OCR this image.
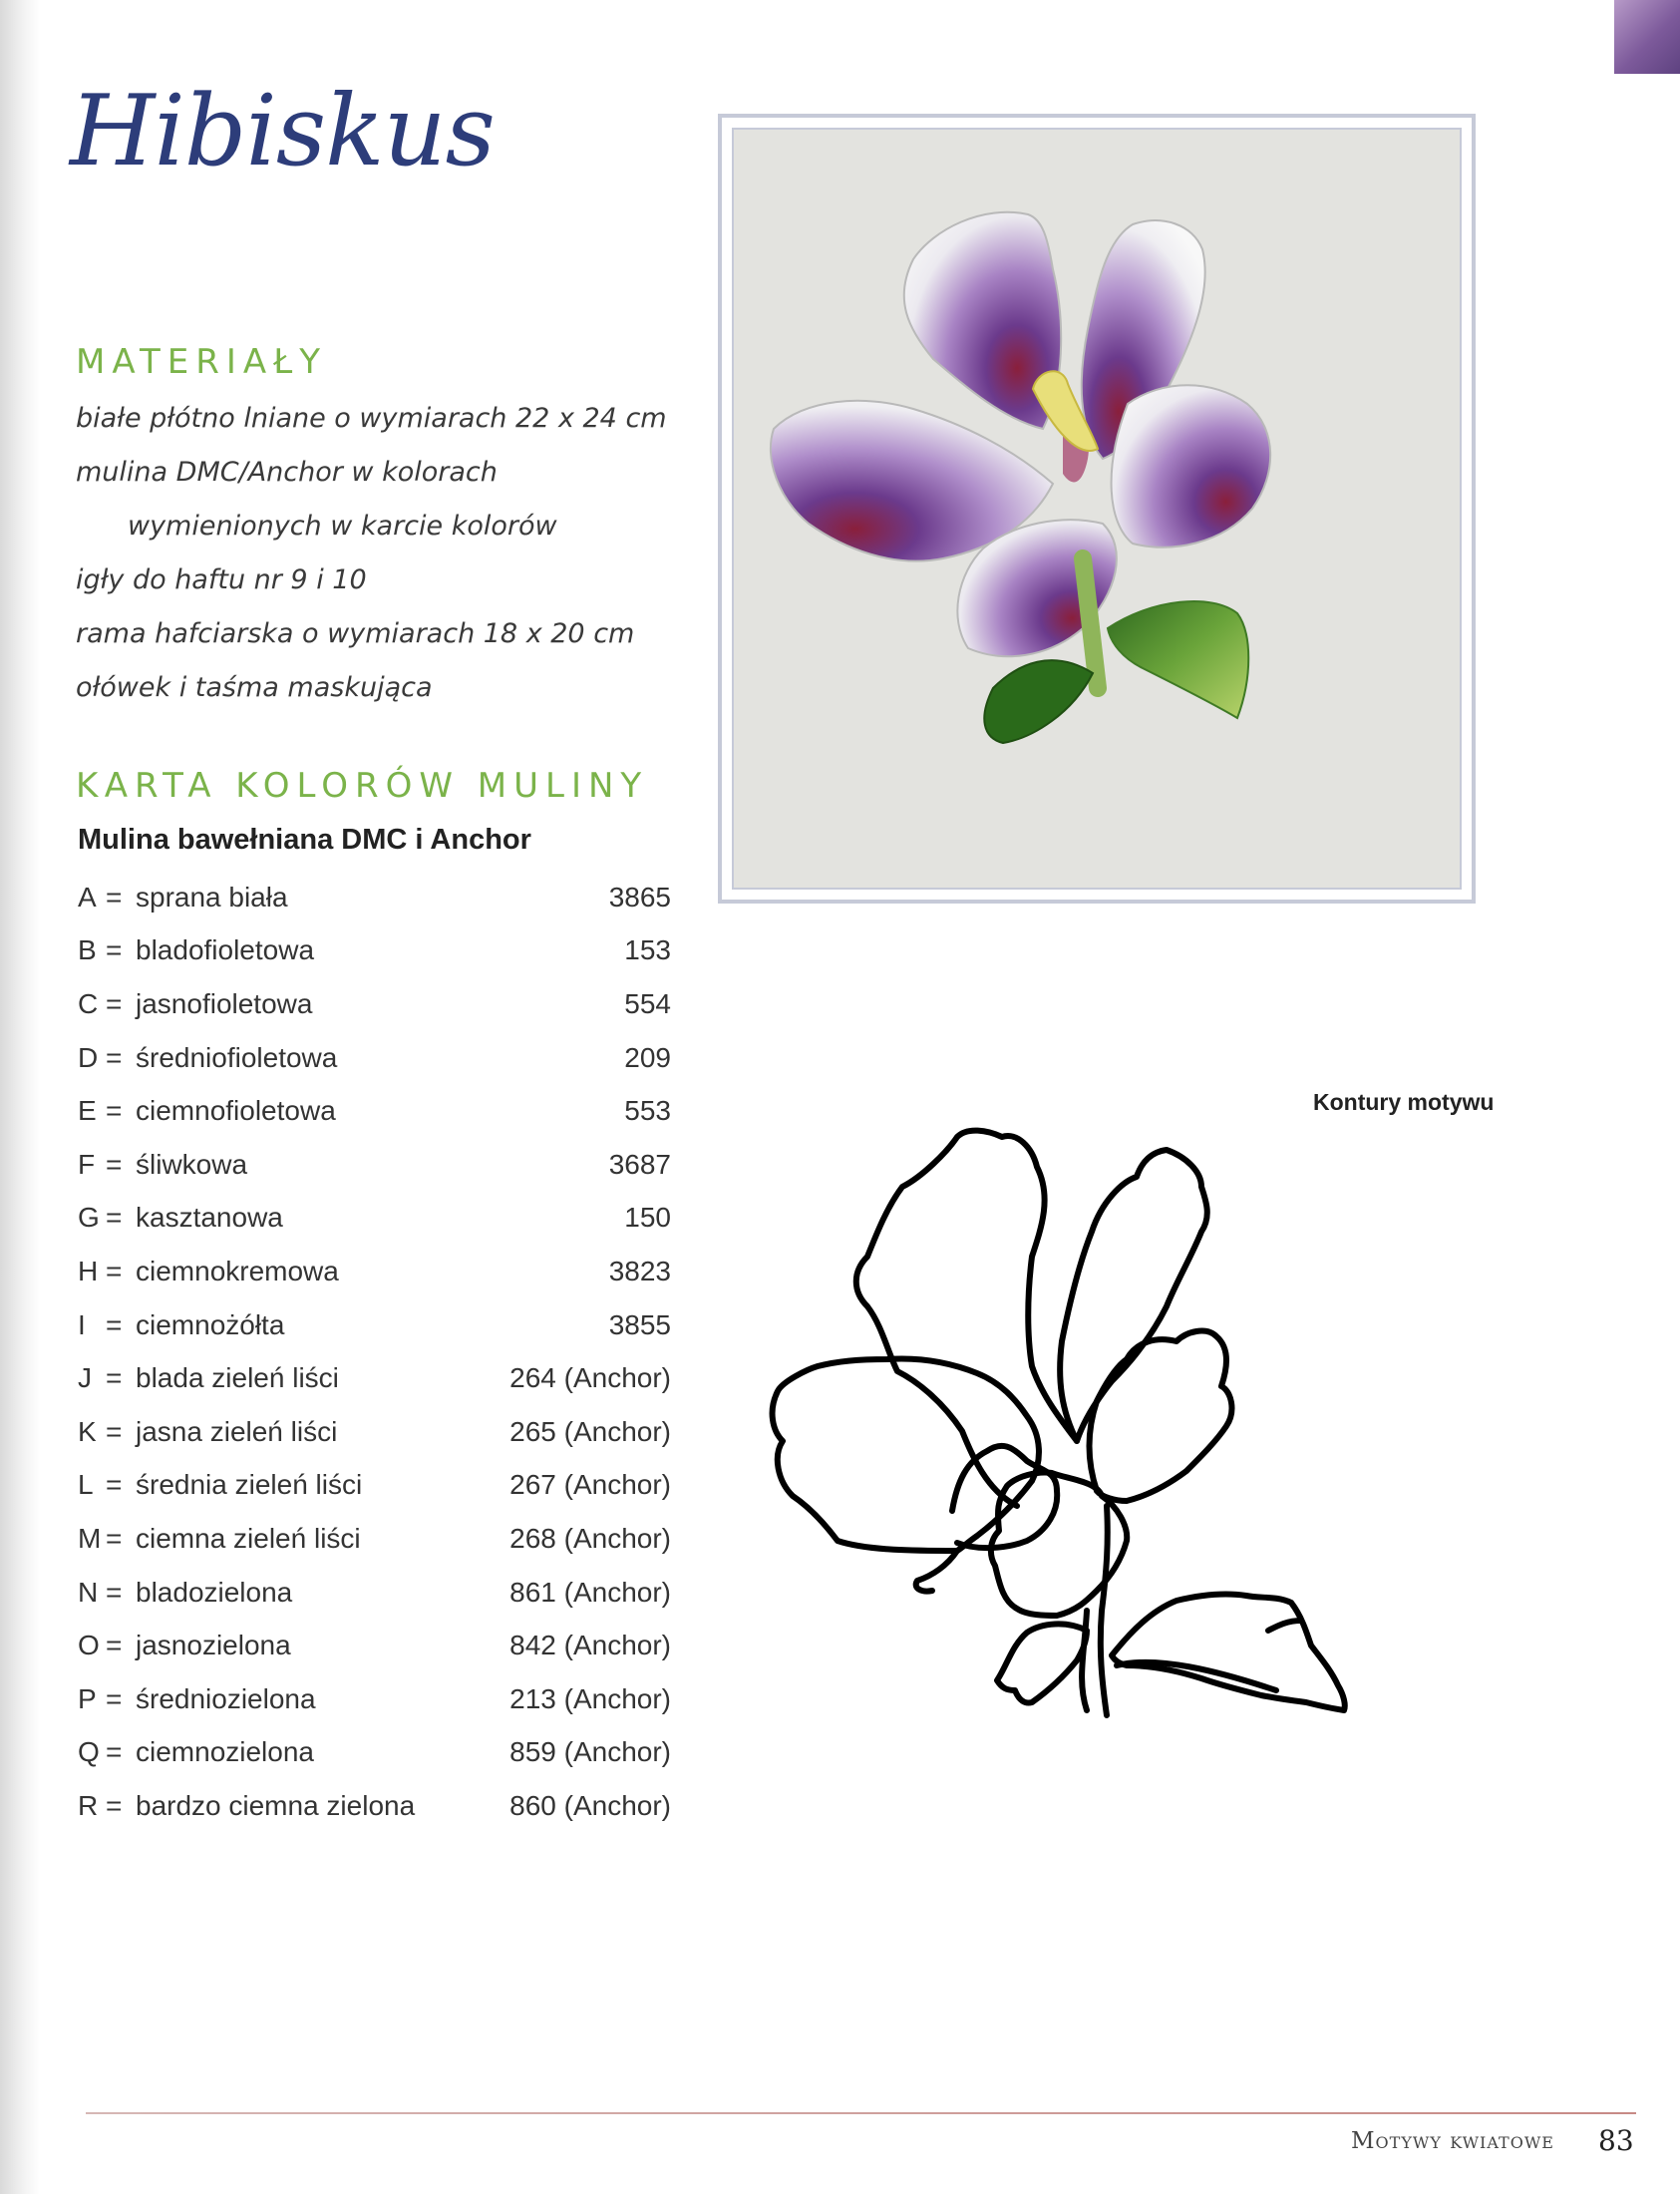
Hibiskus
MATERIAŁY
białe płótno lniane o wymiarach 22 x 24 cm
mulina DMC/Anchor w kolorach
wymienionych w karcie kolorów
igły do haftu nr 9 i 10
rama hafciarska o wymiarach 18 x 20 cm
ołówek i taśma maskująca
KARTA KOLORÓW MULINY
Mulina bawełniana DMC i Anchor
A = sprana biała	3865
B = bladofioletowa	153
C = jasnofioletowa	554
D = średniofioletowa	209
E = ciemnofioletowa	553
F = śliwkowa	3687
G = kasztanowa	150
H = ciemnokremowa	3823
I = ciemnożółta	3855
J = blada zieleń liści	264 (Anchor)
K = jasna zieleń liści	265 (Anchor)
L = średnia zieleń liści	267 (Anchor)
M = ciemna zieleń liści	268 (Anchor)
N = bladozielona	861 (Anchor)
O = jasnozielona	842 (Anchor)
P = średniozielona	213 (Anchor)
Q = ciemnozielona	859 (Anchor)
R = bardzo ciemna zielona	860 (Anchor)

Kontury motywu

Motywy kwiatowe 83
